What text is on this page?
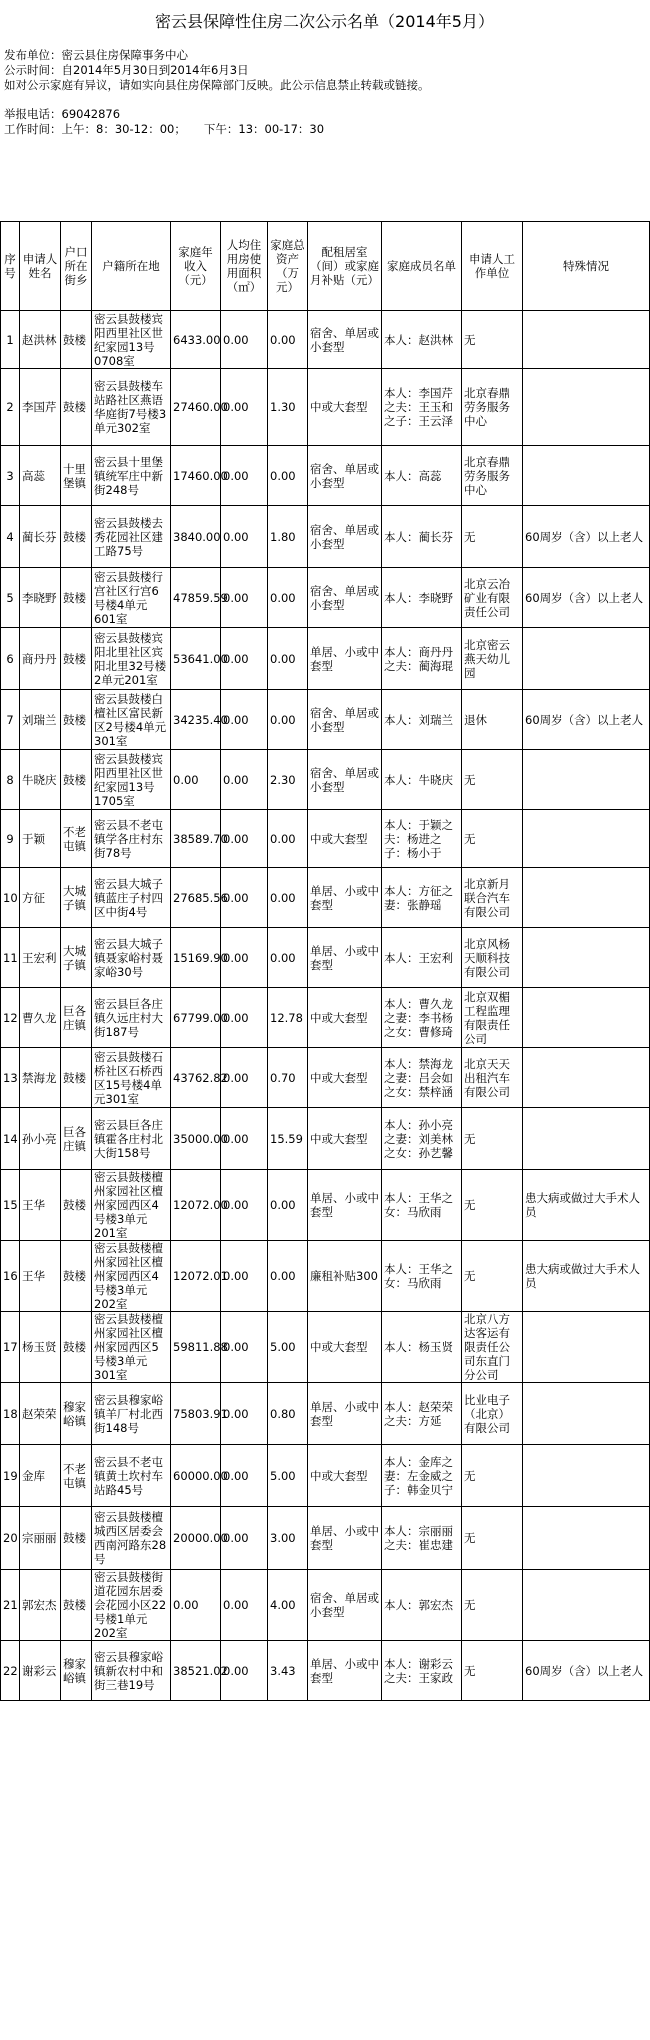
密云县保障性住房二次公示名单（2014年5月）
发布单位：密云县住房保障事务中心
公示时间：自2014年5月30日到2014年6月3日
如对公示家庭有异议，请如实向县住房保障部门反映。此公示信息禁止转载或链接。
举报电话：69042876
工作时间：上午：8：30-12：00； 下午：13：00-17：30
序号	申请人姓名	户口所在街乡	户籍所在地	家庭年收入（元）	人均住用房使用面积（㎡）	家庭总资产（万元）	配租居室（间）或家庭月补贴（元）	家庭成员名单	申请人工作单位	特殊情况
1	赵洪林	鼓楼	密云县鼓楼宾阳西里社区世纪家园13号0708室	6433.00	0.00	0.00	宿舍、单居或小套型	本人：赵洪林	无	
2	李国芹	鼓楼	密云县鼓楼车站路社区燕语华庭街7号楼3单元302室	27460.00	0.00	1.30	中或大套型	本人：李国芹之夫：王玉和之子：王云泽	北京春鼎劳务服务中心	
3	高蕊	十里堡镇	密云县十里堡镇统军庄中新街248号	17460.00	0.00	0.00	宿舍、单居或小套型	本人：高蕊	北京春鼎劳务服务中心	
4	蔺长芬	鼓楼	密云县鼓楼去秀花园社区建工路75号	3840.00	0.00	1.80	宿舍、单居或小套型	本人：蔺长芬	无	60周岁（含）以上老人
5	李晓野	鼓楼	密云县鼓楼行宫社区行宫6号楼4单元601室	47859.59	0.00	0.00	宿舍、单居或小套型	本人：李晓野	北京云冶矿业有限责任公司	60周岁（含）以上老人
6	商丹丹	鼓楼	密云县鼓楼宾阳北里社区宾阳北里32号楼2单元201室	53641.00	0.00	0.00	单居、小或中套型	本人：商丹丹之夫：蔺海琨	北京密云燕天幼儿园	
7	刘瑞兰	鼓楼	密云县鼓楼白檀社区富民新区2号楼4单元301室	34235.40	0.00	0.00	宿舍、单居或小套型	本人：刘瑞兰	退休	60周岁（含）以上老人
8	牛晓庆	鼓楼	密云县鼓楼宾阳西里社区世纪家园13号1705室	0.00	0.00	2.30	宿舍、单居或小套型	本人：牛晓庆	无	
9	于颖	不老屯镇	密云县不老屯镇学各庄村东街78号	38589.70	0.00	0.00	中或大套型	本人：于颖之夫：杨进之子：杨小于	无	
10	方征	大城子镇	密云县大城子镇蓝庄子村四区中街4号	27685.56	0.00	0.00	单居、小或中套型	本人：方征之妻：张静瑶	北京新月联合汽车有限公司	
11	王宏利	大城子镇	密云县大城子镇聂家峪村聂家峪30号	15169.90	0.00	0.00	单居、小或中套型	本人：王宏利	北京风杨天顺科技有限公司	
12	曹久龙	巨各庄镇	密云县巨各庄镇久远庄村大街187号	67799.00	0.00	12.78	中或大套型	本人：曹久龙之妻：李书杨之女：曹修琦	北京双楣工程监理有限责任公司	
13	禁海龙	鼓楼	密云县鼓楼石桥社区石桥西区15号楼4单元301室	43762.82	0.00	0.70	中或大套型	本人：禁海龙之妻：吕会如之女：禁梓涵	北京天天出租汽车有限公司	
14	孙小亮	巨各庄镇	密云县巨各庄镇霍各庄村北大街158号	35000.00	0.00	15.59	中或大套型	本人：孙小亮之妻：刘美林之女：孙艺馨	无	
15	王华	鼓楼	密云县鼓楼檀州家园社区檀州家园西区4号楼3单元201室	12072.00	0.00	0.00	单居、小或中套型	本人：王华之女：马欣雨	无	患大病或做过大手术人员
16	王华	鼓楼	密云县鼓楼檀州家园社区檀州家园西区4号楼3单元202室	12072.01	0.00	0.00	廉租补贴300	本人：王华之女：马欣雨	无	患大病或做过大手术人员
17	杨玉贤	鼓楼	密云县鼓楼檀州家园社区檀州家园西区5号楼3单元301室	59811.88	0.00	5.00	中或大套型	本人：杨玉贤	北京八方达客运有限责任公司东直门分公司	
18	赵荣荣	穆家峪镇	密云县穆家峪镇羊厂村北西街148号	75803.91	0.00	0.80	单居、小或中套型	本人：赵荣荣之夫：方延	比业电子（北京）有限公司	
19	金库	不老屯镇	密云县不老屯镇黄土坎村车站路45号	60000.00	0.00	5.00	中或大套型	本人：金库之妻：左金威之子：韩金贝宁	无	
20	宗丽丽	鼓楼	密云县鼓楼檀城西区居委会西南河路东28号	20000.00	0.00	3.00	单居、小或中套型	本人：宗丽丽之夫：崔忠建	无	
21	郭宏杰	鼓楼	密云县鼓楼街道花园东居委会花园小区22号楼1单元202室	0.00	0.00	4.00	宿舍、单居或小套型	本人：郭宏杰	无	
22	谢彩云	穆家峪镇	密云县穆家峪镇新农村中和街三巷19号	38521.02	0.00	3.43	单居、小或中套型	本人：谢彩云之夫：王家政	无	60周岁（含）以上老人
